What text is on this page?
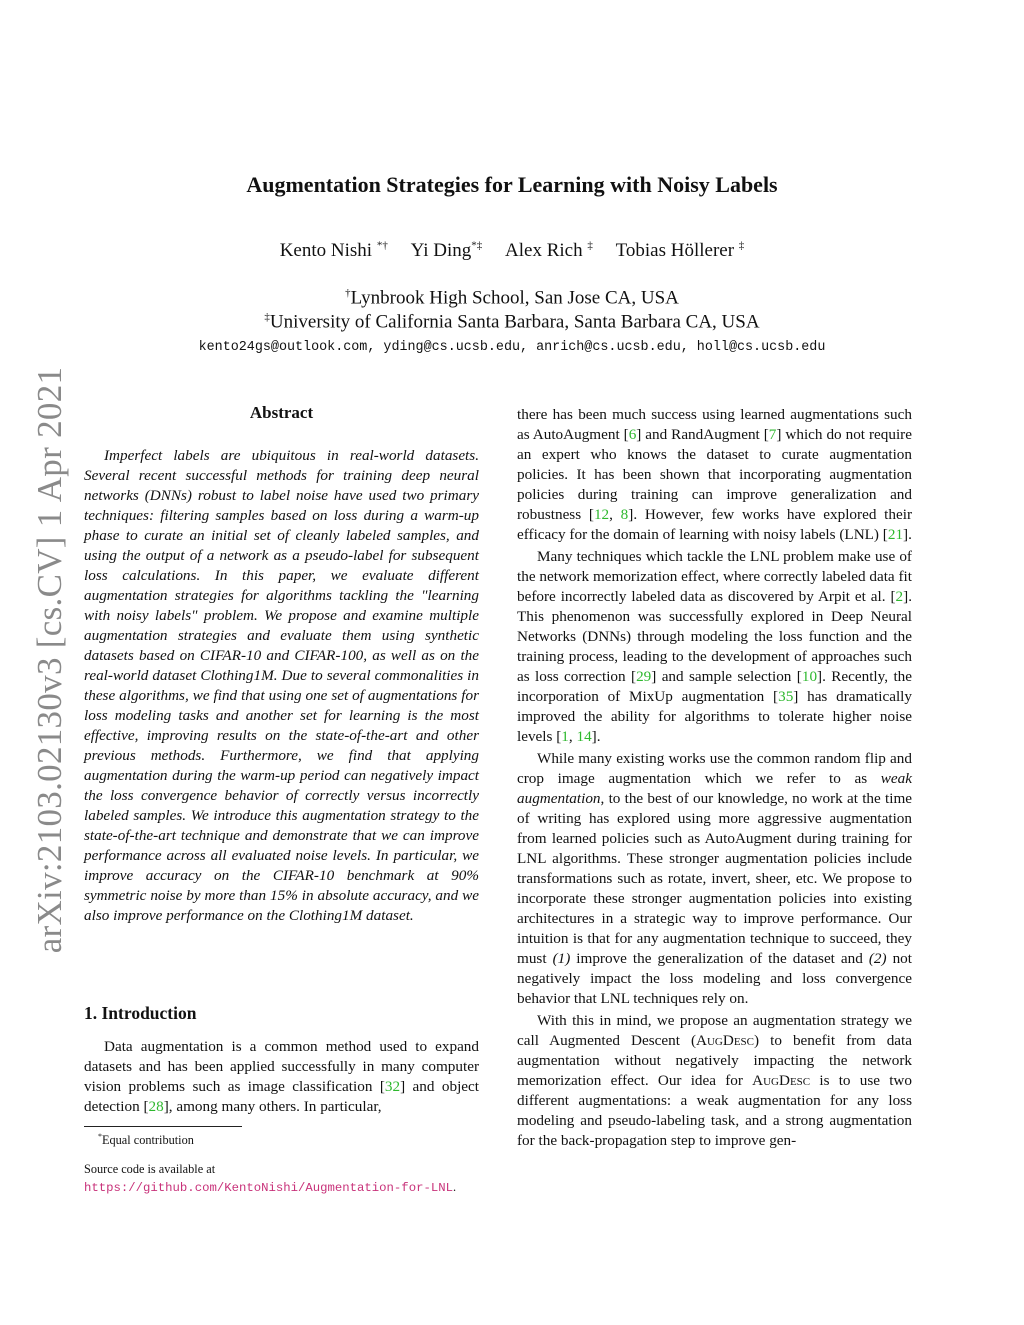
arXiv:2103.02130v3 [cs.CV] 1 Apr 2021
Augmentation Strategies for Learning with Noisy Labels
Kento Nishi *† Yi Ding*‡ Alex Rich ‡ Tobias Höllerer ‡
†Lynbrook High School, San Jose CA, USA
‡University of California Santa Barbara, Santa Barbara CA, USA
kento24gs@outlook.com, yding@cs.ucsb.edu, anrich@cs.ucsb.edu, holl@cs.ucsb.edu
Abstract

Imperfect labels are ubiquitous in real-world datasets. Several recent successful methods for training deep neural networks (DNNs) robust to label noise have used two primary techniques: filtering samples based on loss during a warm-up phase to curate an initial set of cleanly labeled samples, and using the output of a network as a pseudo-label for subsequent loss calculations. In this paper, we evaluate different augmentation strategies for algorithms tackling the "learning with noisy labels" problem. We propose and examine multiple augmentation strategies and evaluate them using synthetic datasets based on CIFAR-10 and CIFAR-100, as well as on the real-world dataset Clothing1M. Due to several commonalities in these algorithms, we find that using one set of augmentations for loss modeling tasks and another set for learning is the most effective, improving results on the state-of-the-art and other previous methods. Furthermore, we find that applying augmentation during the warm-up period can negatively impact the loss convergence behavior of correctly versus incorrectly labeled samples. We introduce this augmentation strategy to the state-of-the-art technique and demonstrate that we can improve performance across all evaluated noise levels. In particular, we improve accuracy on the CIFAR-10 benchmark at 90% symmetric noise by more than 15% in absolute accuracy, and we also improve performance on the Clothing1M dataset.

1. Introduction

Data augmentation is a common method used to expand datasets and has been applied successfully in many computer vision problems such as image classification [32] and object detection [28], among many others. In particular,

*Equal contribution
Source code is available at https://github.com/KentoNishi/Augmentation-for-LNL.

there has been much success using learned augmentations such as AutoAugment [6] and RandAugment [7] which do not require an expert who knows the dataset to curate augmentation policies. It has been shown that incorporating augmentation policies during training can improve generalization and robustness [12, 8]. However, few works have explored their efficacy for the domain of learning with noisy labels (LNL) [21].

Many techniques which tackle the LNL problem make use of the network memorization effect, where correctly labeled data fit before incorrectly labeled data as discovered by Arpit et al. [2]. This phenomenon was successfully explored in Deep Neural Networks (DNNs) through modeling the loss function and the training process, leading to the development of approaches such as loss correction [29] and sample selection [10]. Recently, the incorporation of MixUp augmentation [35] has dramatically improved the ability for algorithms to tolerate higher noise levels [1, 14].

While many existing works use the common random flip and crop image augmentation which we refer to as weak augmentation, to the best of our knowledge, no work at the time of writing has explored using more aggressive augmentation from learned policies such as AutoAugment during training for LNL algorithms. These stronger augmentation policies include transformations such as rotate, invert, sheer, etc. We propose to incorporate these stronger augmentation policies into existing architectures in a strategic way to improve performance. Our intuition is that for any augmentation technique to succeed, they must (1) improve the generalization of the dataset and (2) not negatively impact the loss modeling and loss convergence behavior that LNL techniques rely on.

With this in mind, we propose an augmentation strategy we call Augmented Descent (AugDesc) to benefit from data augmentation without negatively impacting the network memorization effect. Our idea for AugDesc is to use two different augmentations: a weak augmentation for any loss modeling and pseudo-labeling task, and a strong augmentation for the back-propagation step to improve gen-
